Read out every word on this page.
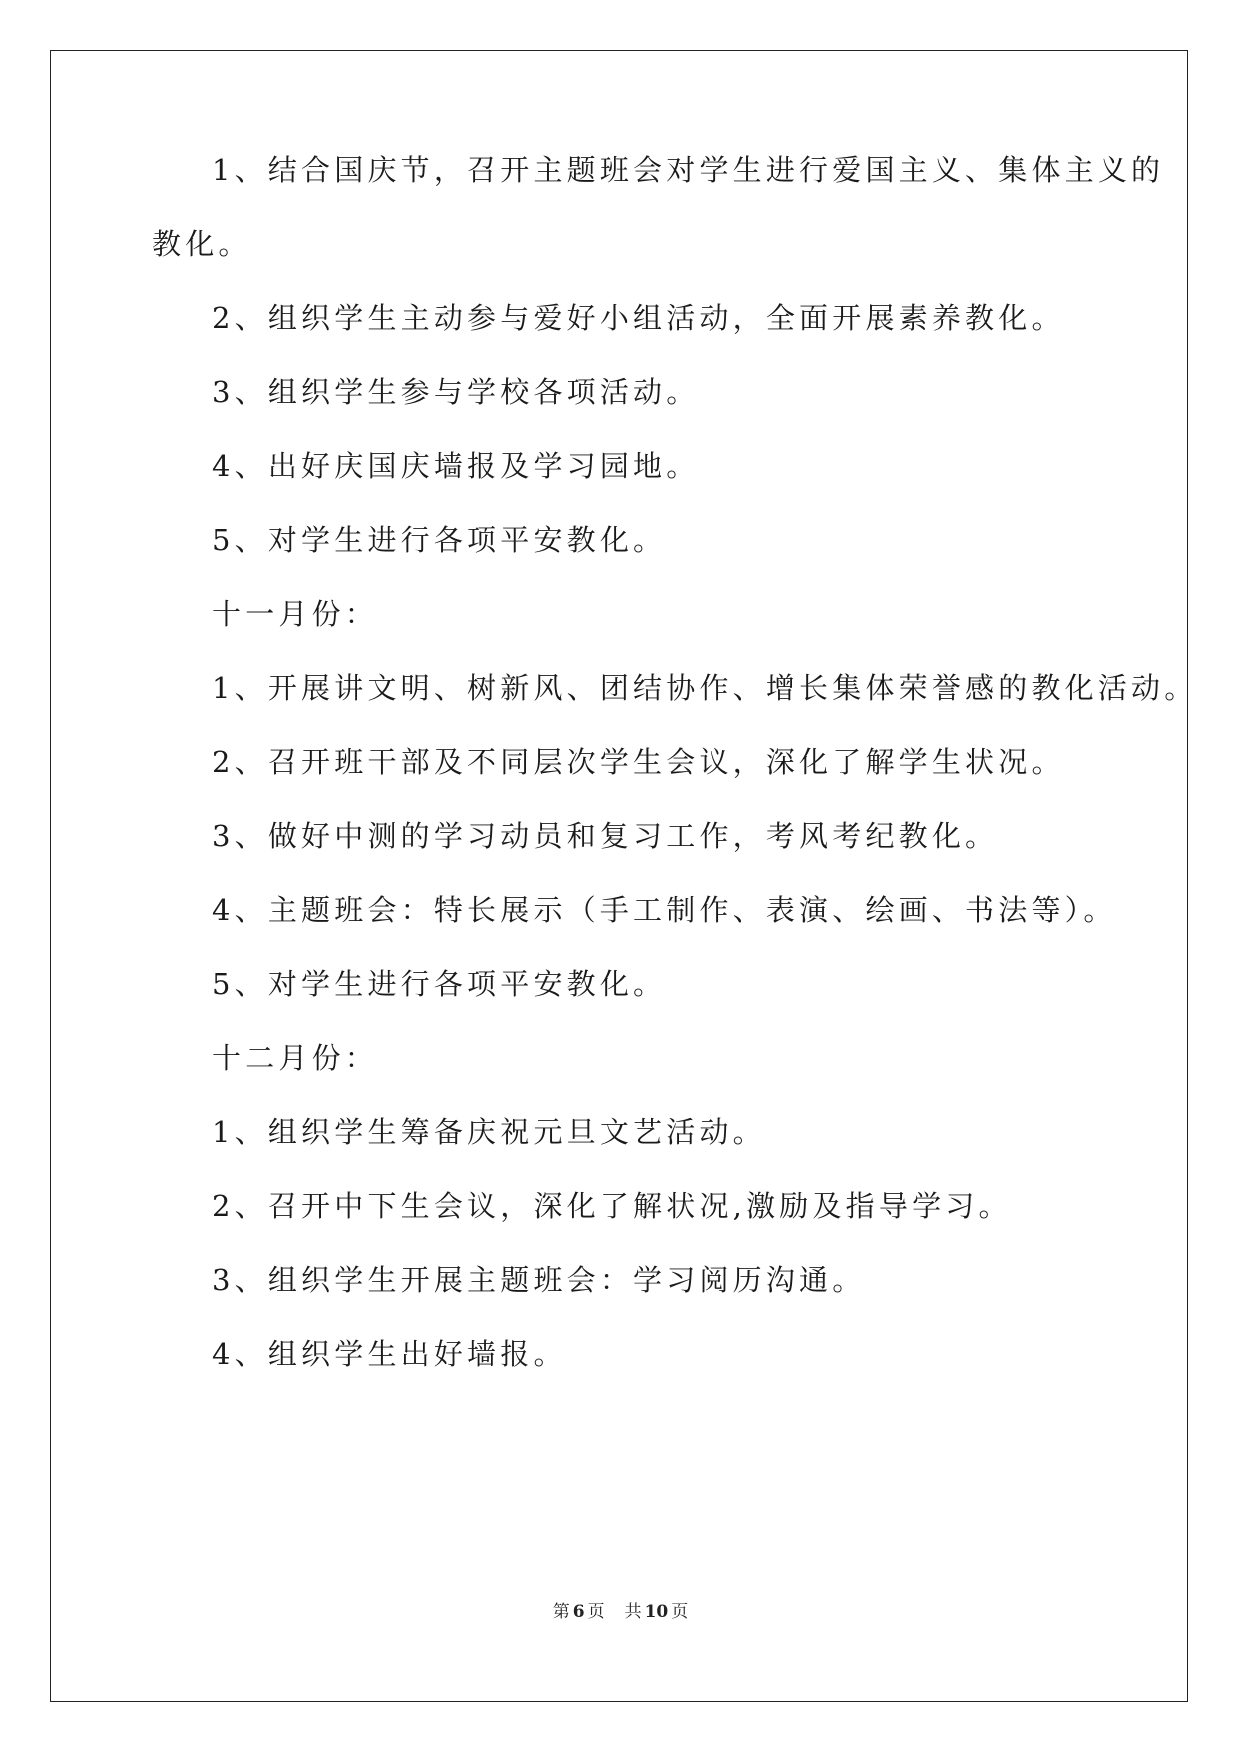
1、结合国庆节，召开主题班会对学生进行爱国主义、集体主义的
教化。
2、组织学生主动参与爱好小组活动，全面开展素养教化。
3、组织学生参与学校各项活动。
4、出好庆国庆墙报及学习园地。
5、对学生进行各项平安教化。
十一月份：
1、开展讲文明、树新风、团结协作、增长集体荣誉感的教化活动。
2、召开班干部及不同层次学生会议，深化了解学生状况。
3、做好中测的学习动员和复习工作，考风考纪教化。
4、主题班会：特长展示（手工制作、表演、绘画、书法等）。
5、对学生进行各项平安教化。
十二月份：
1、组织学生筹备庆祝元旦文艺活动。
2、召开中下生会议，深化了解状况,激励及指导学习。
3、组织学生开展主题班会：学习阅历沟通。
4、组织学生出好墙报。
第 6 页 共 10 页
